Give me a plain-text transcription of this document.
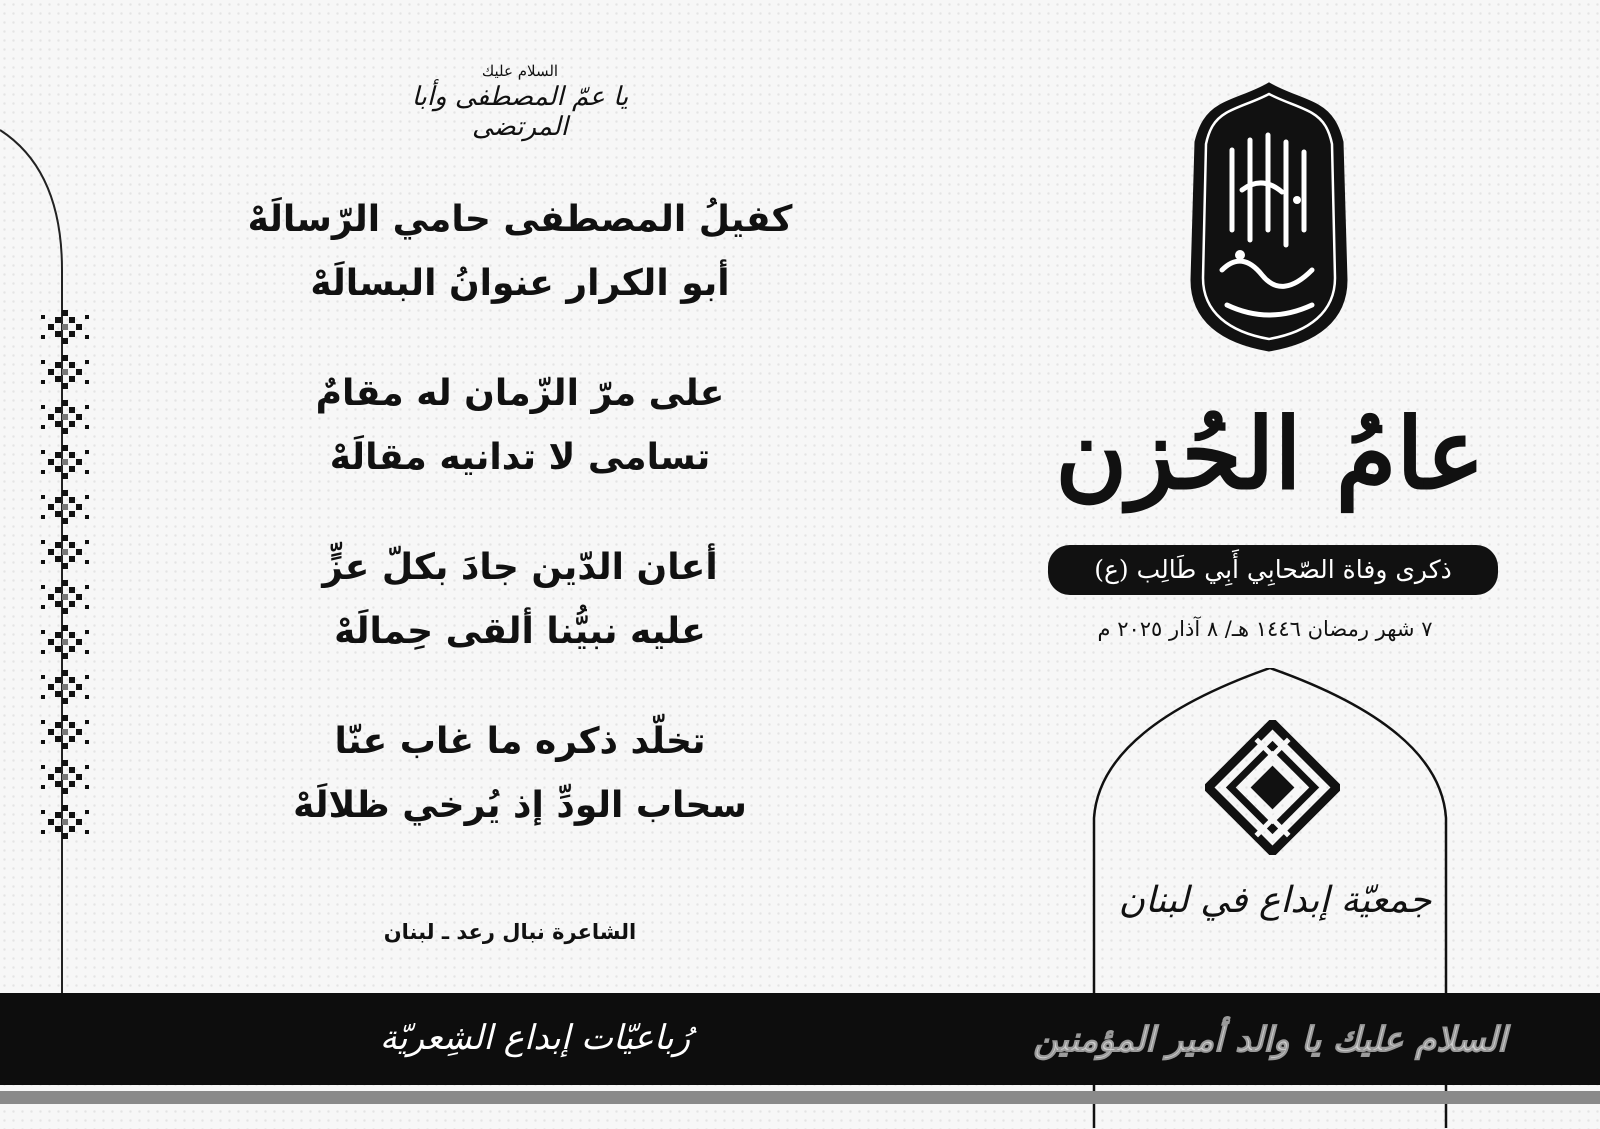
السلام عليك
يا عمّ المصطفى وأبا المرتضى
كفيلُ المصطفى حامي الرّسالَهْ
أبو الكرار عنوانُ البسالَهْ
على مرّ الزّمان له مقامٌ
تسامى لا تدانيه مقالَهْ
أعان الدّين جادَ بكلّ عزٍّ
عليه نبيُّنا ألقى حِمالَهْ
تخلّد ذكره ما غاب عنّا
سحاب الودِّ إذ يُرخي ظلالَهْ
الشاعرة نبال رعد ـ لبنان
عامُ الحُزن
ذكرى وفاة الصّحابِي أَبِي طَالِب (ع)
٧ شهر رمضان ١٤٤٦ هـ/ ٨ آذار ٢٠٢٥ م
جمعيّة إبداع في لبنان
رُباعيّات إبداع الشِعريّة	السلام عليك يا والد أمير المؤمنين
